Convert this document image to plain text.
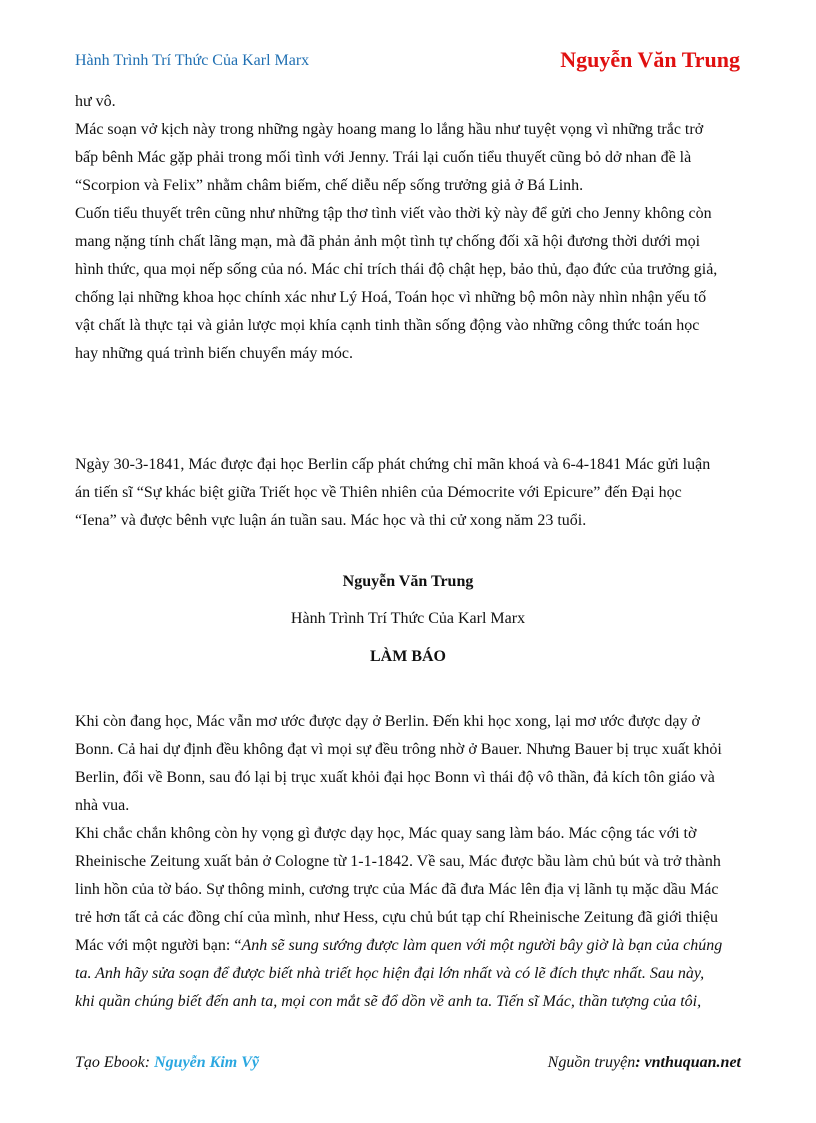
Hành Trình Trí Thức Của Karl Marx	Nguyễn Văn Trung

hư vô.

Mác soạn vở kịch này trong những ngày hoang mang lo lắng hầu như tuyệt vọng vì những trắc trở

bấp bênh Mác gặp phải trong mối tình với Jenny. Trái lại cuốn tiểu thuyết cũng bỏ dở nhan đề là

“Scorpion và Felix” nhằm châm biếm, chế diễu nếp sống trưởng giả ở Bá Linh.

Cuốn tiểu thuyết trên cũng như những tập thơ tình viết vào thời kỳ này để gửi cho Jenny không còn

mang nặng tính chất lãng mạn, mà đã phản ảnh một tình tự chống đối xã hội đương thời dưới mọi

hình thức, qua mọi nếp sống của nó. Mác chỉ trích thái độ chật hẹp, bảo thủ, đạo đức của trưởng giả,

chống lại những khoa học chính xác như Lý Hoá, Toán học vì những bộ môn này nhìn nhận yếu tố

vật chất là thực tại và giản lược mọi khía cạnh tinh thần sống động vào những công thức toán học

hay những quá trình biến chuyển máy móc.

Ngày 30-3-1841, Mác được đại học Berlin cấp phát chứng chỉ mãn khoá và 6-4-1841 Mác gửi luận

án tiến sĩ “Sự khác biệt giữa Triết học về Thiên nhiên của Démocrite với Epicure” đến Đại học

“Iena” và được bênh vực luận án tuần sau. Mác học và thi cử xong năm 23 tuổi.

Nguyễn Văn Trung
Hành Trình Trí Thức Của Karl Marx
LÀM BÁO

Khi còn đang học, Mác vẫn mơ ước được dạy ở Berlin. Đến khi học xong, lại mơ ước được dạy ở

Bonn. Cả hai dự định đều không đạt vì mọi sự đều trông nhờ ở Bauer. Nhưng Bauer bị trục xuất khỏi

Berlin, đổi về Bonn, sau đó lại bị trục xuất khỏi đại học Bonn vì thái độ vô thần, đả kích tôn giáo và

nhà vua.

Khi chắc chắn không còn hy vọng gì được dạy học, Mác quay sang làm báo. Mác cộng tác với tờ

Rheinische Zeitung xuất bản ở Cologne từ 1-1-1842. Về sau, Mác được bầu làm chủ bút và trở thành

linh hồn của tờ báo. Sự thông minh, cương trực của Mác đã đưa Mác lên địa vị lãnh tụ mặc dầu Mác

trẻ hơn tất cả các đồng chí của mình, như Hess, cựu chủ bút tạp chí Rheinische Zeitung đã giới thiệu

Mác với một người bạn: “Anh sẽ sung sướng được làm quen với một người bây giờ là bạn của chúng

ta. Anh hãy sửa soạn để được biết nhà triết học hiện đại lớn nhất và có lẽ đích thực nhất. Sau này,

khi quần chúng biết đến anh ta, mọi con mắt sẽ đổ dồn về anh ta. Tiến sĩ Mác, thần tượng của tôi,

Tạo Ebook: Nguyễn Kim Vỹ	Nguồn truyện: vnthuquan.net
